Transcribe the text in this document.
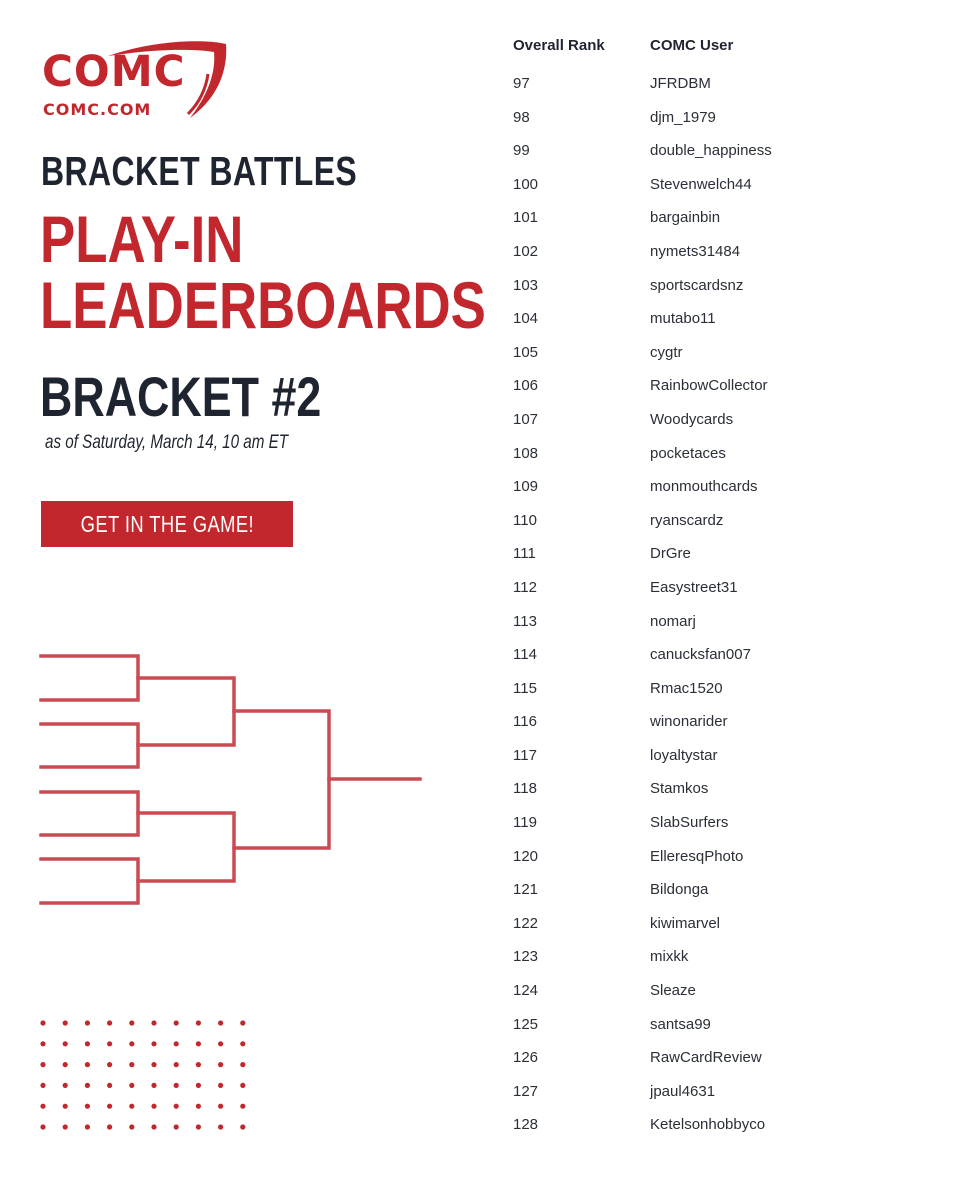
COMC
COMC.COM
BRACKET BATTLES
PLAY-IN
LEADERBOARDS
BRACKET #2
as of Saturday, March 14, 10 am ET
GET IN THE GAME!
Overall Rank	COMC User
97	JFRDBM
98	djm_1979
99	double_happiness
100	Stevenwelch44
101	bargainbin
102	nymets31484
103	sportscardsnz
104	mutabo11
105	cygtr
106	RainbowCollector
107	Woodycards
108	pocketaces
109	monmouthcards
110	ryanscardz
111	DrGre
112	Easystreet31
113	nomarj
114	canucksfan007
115	Rmac1520
116	winonarider
117	loyaltystar
118	Stamkos
119	SlabSurfers
120	ElleresqPhoto
121	Bildonga
122	kiwimarvel
123	mixkk
124	Sleaze
125	santsa99
126	RawCardReview
127	jpaul4631
128	Ketelsonhobbyco
